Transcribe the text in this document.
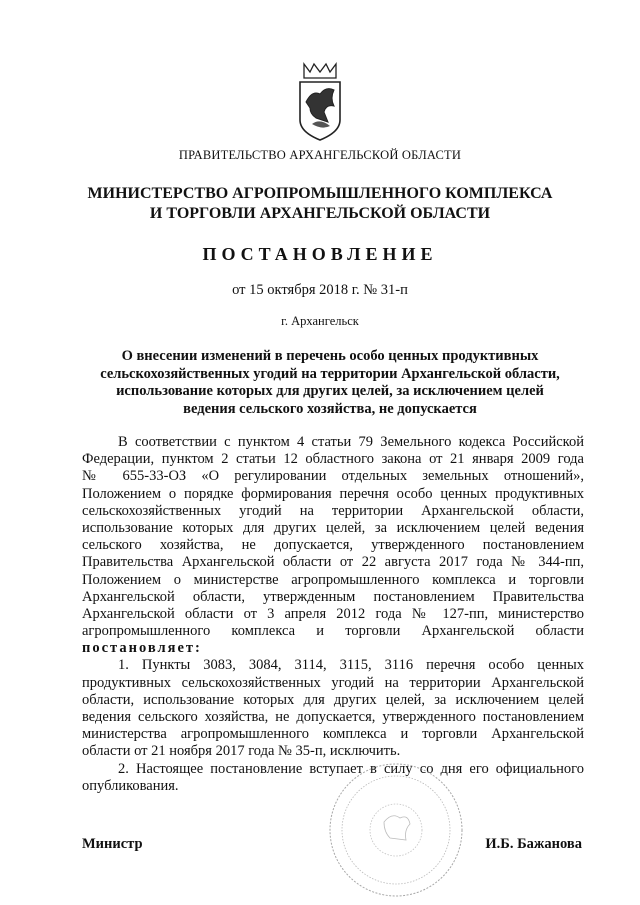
ПРАВИТЕЛЬСТВО АРХАНГЕЛЬСКОЙ ОБЛАСТИ
МИНИСТЕРСТВО АГРОПРОМЫШЛЕННОГО КОМПЛЕКСА
И ТОРГОВЛИ АРХАНГЕЛЬСКОЙ ОБЛАСТИ
ПОСТАНОВЛЕНИЕ
от 15 октября 2018 г. № 31-п
г. Архангельск
О внесении изменений в перечень особо ценных продуктивных
сельскохозяйственных угодий на территории Архангельской области,
использование которых для других целей, за исключением целей
ведения сельского хозяйства, не допускается
В соответствии с пунктом 4 статьи 79 Земельного кодекса Российской
Федерации, пунктом 2 статьи 12 областного закона от 21 января 2009 года
№ 655-33-ОЗ «О регулировании отдельных земельных отношений»,
Положением о порядке формирования перечня особо ценных продуктивных
сельскохозяйственных угодий на территории Архангельской области,
использование которых для других целей, за исключением целей ведения
сельского хозяйства, не допускается, утвержденного постановлением
Правительства Архангельской области от 22 августа 2017 года № 344-пп,
Положением о министерстве агропромышленного комплекса и торговли
Архангельской области, утвержденным постановлением Правительства
Архангельской области от 3 апреля 2012 года № 127-пп, министерство
агропромышленного комплекса и торговли Архангельской области
постановляет:
1. Пункты 3083, 3084, 3114, 3115, 3116 перечня особо ценных
продуктивных сельскохозяйственных угодий на территории Архангельской
области, использование которых для других целей, за исключением целей
ведения сельского хозяйства, не допускается, утвержденного постановлением
министерства агропромышленного комплекса и торговли Архангельской
области от 21 ноября 2017 года № 35-п, исключить.
2. Настоящее постановление вступает в силу со дня его официального
опубликования.
Министр	И.Б. Бажанова
